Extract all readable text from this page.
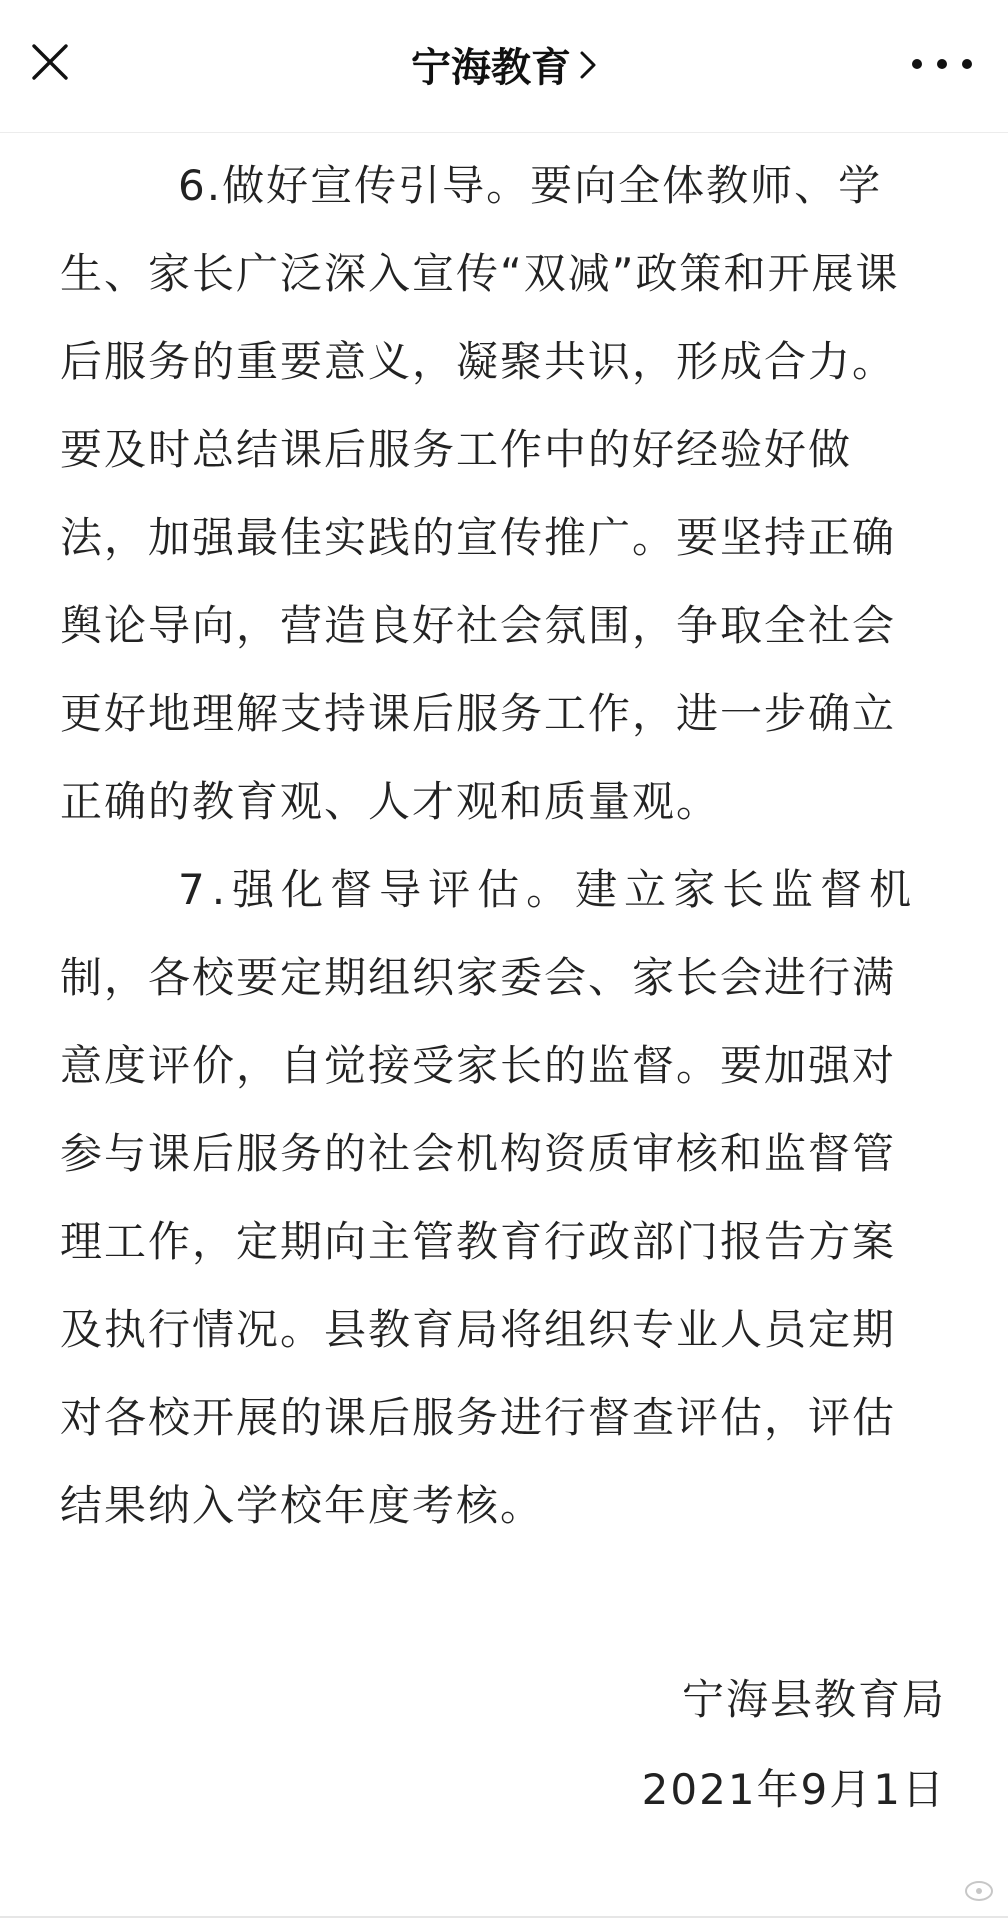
宁海教育
6.做好宣传引导。要向全体教师、学
生、家长广泛深入宣传“双减”政策和开展课
后服务的重要意义，凝聚共识，形成合力。
要及时总结课后服务工作中的好经验好做
法，加强最佳实践的宣传推广。要坚持正确
舆论导向，营造良好社会氛围，争取全社会
更好地理解支持课后服务工作，进一步确立
正确的教育观、人才观和质量观。
7.强化督导评估。建立家长监督机
制，各校要定期组织家委会、家长会进行满
意度评价，自觉接受家长的监督。要加强对
参与课后服务的社会机构资质审核和监督管
理工作，定期向主管教育行政部门报告方案
及执行情况。县教育局将组织专业人员定期
对各校开展的课后服务进行督查评估，评估
结果纳入学校年度考核。
宁海县教育局
2021年9月1日
